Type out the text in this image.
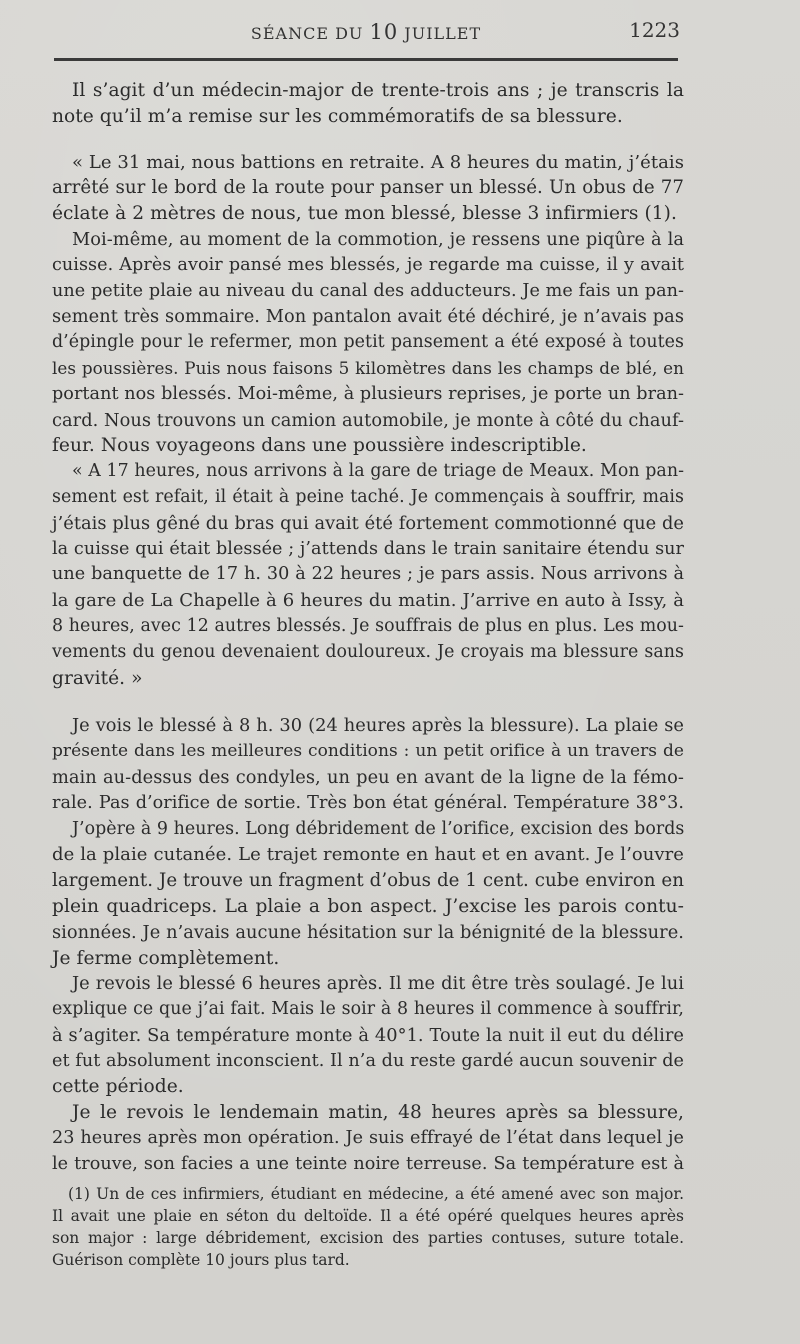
SÉANCE DU 10 JUILLET	1223
Il s’agit d’un médecin-major de trente-trois ans ; je transcris la
note qu’il m’a remise sur les commémoratifs de sa blessure.
« Le 31 mai, nous battions en retraite. A 8 heures du matin, j’étais
arrêté sur le bord de la route pour panser un blessé. Un obus de 77
éclate à 2 mètres de nous, tue mon blessé, blesse 3 infirmiers (1).
Moi-même, au moment de la commotion, je ressens une piqûre à la
cuisse. Après avoir pansé mes blessés, je regarde ma cuisse, il y avait
une petite plaie au niveau du canal des adducteurs. Je me fais un pan-
sement très sommaire. Mon pantalon avait été déchiré, je n’avais pas
d’épingle pour le refermer, mon petit pansement a été exposé à toutes
les poussières. Puis nous faisons 5 kilomètres dans les champs de blé, en
portant nos blessés. Moi-même, à plusieurs reprises, je porte un bran-
card. Nous trouvons un camion automobile, je monte à côté du chauf-
feur. Nous voyageons dans une poussière indescriptible.
« A 17 heures, nous arrivons à la gare de triage de Meaux. Mon pan-
sement est refait, il était à peine taché. Je commençais à souffrir, mais
j’étais plus gêné du bras qui avait été fortement commotionné que de
la cuisse qui était blessée ; j’attends dans le train sanitaire étendu sur
une banquette de 17 h. 30 à 22 heures ; je pars assis. Nous arrivons à
la gare de La Chapelle à 6 heures du matin. J’arrive en auto à Issy, à
8 heures, avec 12 autres blessés. Je souffrais de plus en plus. Les mou-
vements du genou devenaient douloureux. Je croyais ma blessure sans
gravité. »
Je vois le blessé à 8 h. 30 (24 heures après la blessure). La plaie se
présente dans les meilleures conditions : un petit orifice à un travers de
main au-dessus des condyles, un peu en avant de la ligne de la fémo-
rale. Pas d’orifice de sortie. Très bon état général. Température 38°3.
J’opère à 9 heures. Long débridement de l’orifice, excision des bords
de la plaie cutanée. Le trajet remonte en haut et en avant. Je l’ouvre
largement. Je trouve un fragment d’obus de 1 cent. cube environ en
plein quadriceps. La plaie a bon aspect. J’excise les parois contu-
sionnées. Je n’avais aucune hésitation sur la bénignité de la blessure.
Je ferme complètement.
Je revois le blessé 6 heures après. Il me dit être très soulagé. Je lui
explique ce que j’ai fait. Mais le soir à 8 heures il commence à souffrir,
à s’agiter. Sa température monte à 40°1. Toute la nuit il eut du délire
et fut absolument inconscient. Il n’a du reste gardé aucun souvenir de
cette période.
Je le revois le lendemain matin, 48 heures après sa blessure,
23 heures après mon opération. Je suis effrayé de l’état dans lequel je
le trouve, son facies a une teinte noire terreuse. Sa température est à
(1) Un de ces infirmiers, étudiant en médecine, a été amené avec son major.
Il avait une plaie en séton du deltoïde. Il a été opéré quelques heures après
son major : large débridement, excision des parties contuses, suture totale.
Guérison complète 10 jours plus tard.
